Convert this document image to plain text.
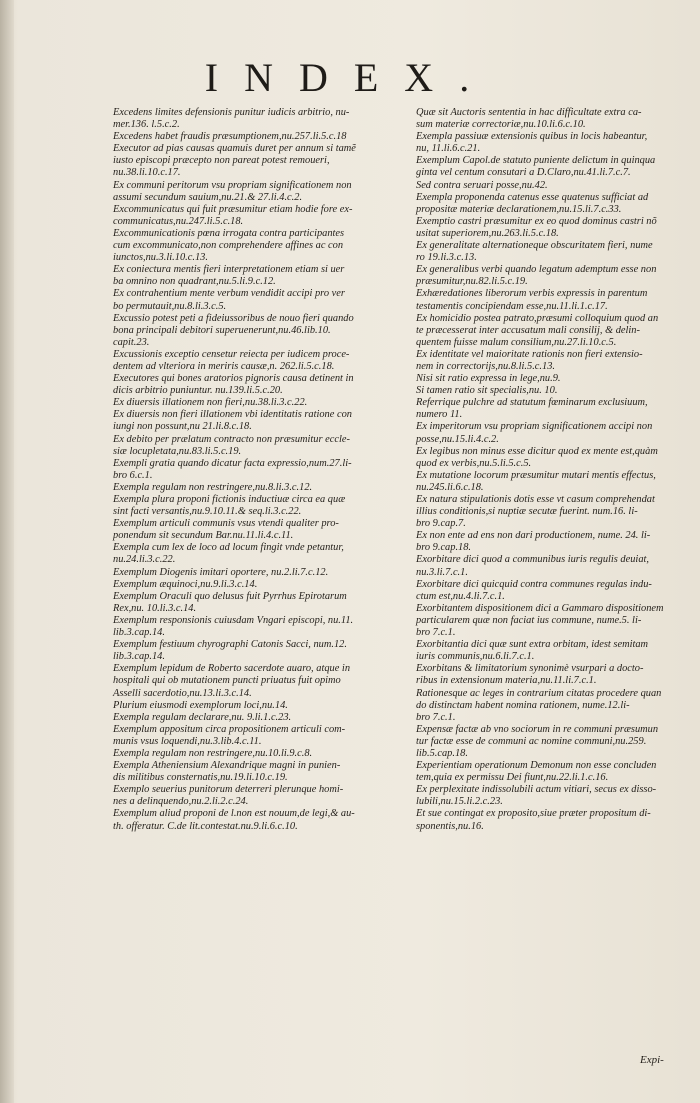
INDEX.
Excedens limites defensionis punitur iudicis arbitrio, nu-
mer.136. l.5.c.2.
Excedens habet fraudis præsumptionem,nu.257.li.5.c.18
Executor ad pias causas quamuis duret per annum si tamẽ
iusto episcopi præcepto non pareat potest remoueri,
nu.38.li.10.c.17.
Ex communi peritorum vsu propriam significationem non
assumi secundum sauium,nu.21.& 27.li.4.c.2.
Excommunicatus qui fuit præsumitur etiam hodie fore ex-
communicatus,nu.247.li.5.c.18.
Excommunicationis pœna irrogata contra participantes
cum excommunicato,non comprehendere affines ac con
iunctos,nu.3.li.10.c.13.
Ex coniectura mentis fieri interpretationem etiam si uer
ba omnino non quadrant,nu.5.li.9.c.12.
Ex contrahentium mente verbum vendidit accipi pro ver
bo permutauit,nu.8.li.3.c.5.
Excussio potest peti a fideiussoribus de nouo fieri quando
bona principali debitori superuenerunt,nu.46.lib.10.
capit.23.
Excussionis exceptio censetur reiecta per iudicem proce-
dentem ad vlteriora in meriris causæ,n. 262.li.5.c.18.
Executores qui bones aratorios pignoris causa detinent in
dicis arbitrio puniuntur. nu.139.li.5.c.20.
Ex diuersis illationem non fieri,nu.38.li.3.c.22.
Ex diuersis non fieri illationem vbi identitatis ratione con
iungi non possunt,nu 21.li.8.c.18.
Ex debito per prælatum contracto non præsumitur eccle-
siæ locupletata,nu.83.li.5.c.19.
Exempli gratia quando dicatur facta expressio,num.27.li-
bro 6.c.1.
Exempla regulam non restringere,nu.8.li.3.c.12.
Exempla plura proponi fictionis inductiuæ circa ea quæ
sint facti versantis,nu.9.10.11.& seq.li.3.c.22.
Exemplum articuli communis vsus vtendi qualiter pro-
ponendum sit secundum Bar.nu.11.li.4.c.11.
Exempla cum lex de loco ad locum fingit vnde petantur,
nu.24.li.3.c.22.
Exemplum Diogenis imitari oportere, nu.2.li.7.c.12.
Exemplum æquinoci,nu.9.li.3.c.14.
Exemplum Oraculi quo delusus fuit Pyrrhus Epirotarum
Rex,nu. 10.li.3.c.14.
Exemplum responsionis cuiusdam Vngari episcopi, nu.11.
lib.3.cap.14.
Exemplum festiuum chyrographi Catonis Sacci, num.12.
lib.3.cap.14.
Exemplum lepidum de Roberto sacerdote auaro, atque in
hospitali qui ob mutationem puncti priuatus fuit opimo
Asselli sacerdotio,nu.13.li.3.c.14.
Plurium eiusmodi exemplorum loci,nu.14.
Exempla regulam declarare,nu. 9.li.1.c.23.
Exemplum appositum circa propositionem articuli com-
munis vsus loquendi,nu.3.lib.4.c.11.
Exempla regulam non restringere,nu.10.li.9.c.8.
Exempla Atheniensium Alexandrique magni in punien-
dis militibus consternatis,nu.19.li.10.c.19.
Exemplo seuerius punitorum deterreri plerunque homi-
nes a delinquendo,nu.2.li.2.c.24.
Exemplum aliud proponi de l.non est nouum,de legi,& au-
th. offeratur. C.de lit.contestat.nu.9.li.6.c.10.
Quæ sit Auctoris sententia in hac difficultate extra ca-
sum materiæ correctoriæ,nu.10.li.6.c.10.
Exempla passiuæ extensionis quibus in locis habeantur,
nu, 11.li.6.c.21.
Exemplum Capol.de statuto puniente delictum in quinqua
ginta vel centum consutari a D.Claro,nu.41.li.7.c.7.
Sed contra seruari posse,nu.42.
Exempla proponenda catenus esse quatenus sufficiat ad
propositæ materiæ declarationem,nu.15.li.7.c.33.
Exemptio castri præsumitur ex eo quod dominus castri nõ
usitat superiorem,nu.263.li.5.c.18.
Ex generalitate alternationeque obscuritatem fieri, nume
ro 19.li.3.c.13.
Ex generalibus verbi quando legatum ademptum esse non
præsumitur,nu.82.li.5.c.19.
Exhæredationes liberorum verbis expressis in parentum
testamentis concipiendam esse,nu.11.li.1.c.17.
Ex homicidio postea patrato,præsumi colloquium quod an
te præcesserat inter accusatum mali consilij, & delin-
quentem fuisse malum consilium,nu.27.li.10.c.5.
Ex identitate vel maioritate rationis non fieri extensio-
nem in correctorijs,nu.8.li.5.c.13.
Nisi sit ratio expressa in lege,nu.9.
Si tamen ratio sit specialis,nu. 10.
Referrique pulchre ad statutum fœminarum exclusiuum,
numero 11.
Ex imperitorum vsu propriam significationem accipi non
posse,nu.15.li.4.c.2.
Ex legibus non minus esse dicitur quod ex mente est,quàm
quod ex verbis,nu.5.li.5.c.5.
Ex mutatione locorum præsumitur mutari mentis effectus,
nu.245.li.6.c.18.
Ex natura stipulationis dotis esse vt casum comprehendat
illius conditionis,si nuptiæ secutæ fuerint. num.16. li-
bro 9.cap.7.
Ex non ente ad ens non dari productionem, nume. 24. li-
bro 9.cap.18.
Exorbitare dici quod a communibus iuris regulis deuiat,
nu.3.li.7.c.1.
Exorbitare dici quicquid contra communes regulas indu-
ctum est,nu.4.li.7.c.1.
Exorbitantem dispositionem dici a Gammaro dispositionem
particularem quæ non faciat ius commune, nume.5. li-
bro 7.c.1.
Exorbitantia dici quæ sunt extra orbitam, idest semitam
iuris communis,nu.6.li.7.c.1.
Exorbitans & limitatorium synonimè vsurpari a docto-
ribus in extensionum materia,nu.11.li.7.c.1.
Rationesque ac leges in contrarium citatas procedere quan
do distinctam habent nomina rationem, nume.12.li-
bro 7.c.1.
Expensæ factæ ab vno sociorum in re communi præsumun
tur factæ esse de communi ac nomine communi,nu.259.
lib.5.cap.18.
Experientiam operationum Demonum non esse concluden
tem,quia ex permissu Dei fiunt,nu.22.li.1.c.16.
Ex perplexitate indissolubili actum vitiari, secus ex disso-
lubili,nu.15.li.2.c.23.
Et sue contingat ex proposito,siue præter propositum di-
sponentis,nu.16.
Expi-
